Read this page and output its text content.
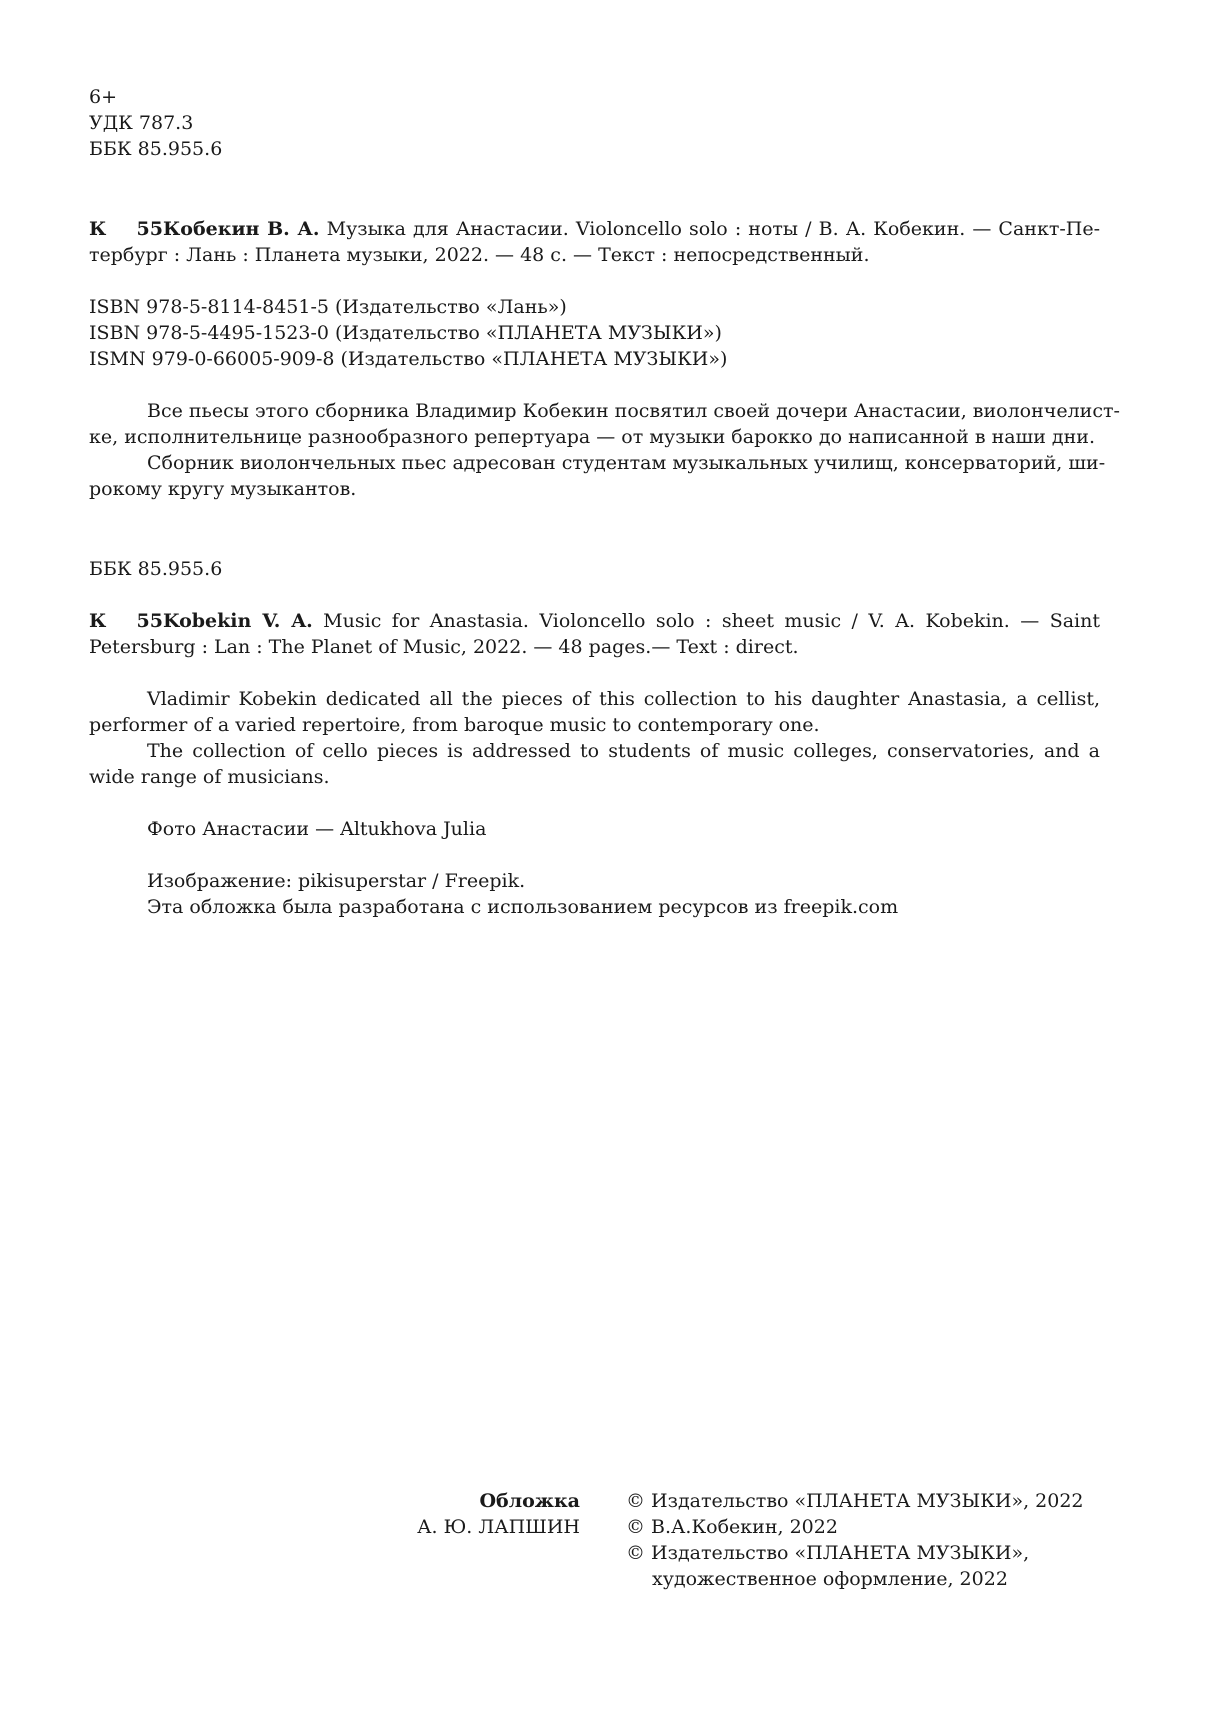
6+
УДК 787.3
ББК 85.955.6
К 55Кобекин В. А. Музыка для Анастасии. Violoncello solo : ноты / В. А. Кобекин. — Санкт-Пе-
тербург : Лань : Планета музыки, 2022. — 48 с. — Текст : непосредственный.
ISBN 978-5-8114-8451-5 (Издательство «Лань»)
ISBN 978-5-4495-1523-0 (Издательство «ПЛАНЕТА МУЗЫКИ»)
ISMN 979-0-66005-909-8 (Издательство «ПЛАНЕТА МУЗЫКИ»)
Все пьесы этого сборника Владимир Кобекин посвятил своей дочери Анастасии, виолончелист-
ке, исполнительнице разнообразного репертуара — от музыки барокко до написанной в наши дни.
Сборник виолончельных пьес адресован студентам музыкальных училищ, консерваторий, ши-
рокому кругу музыкантов.
ББК 85.955.6
К 55Kobekin V. A. Music for Anastasia. Violoncello solo : sheet music / V. A. Kobekin. — Saint
Petersburg : Lan : The Planet of Music, 2022. — 48 pages.— Text : direct.
Vladimir Kobekin dedicated all the pieces of this collection to his daughter Anastasia, a cellist,
performer of a varied repertoire, from baroque music to contemporary one.
The collection of cello pieces is addressed to students of music colleges, conservatories, and a
wide range of musicians.
Фото Анастасии — Altukhova Julia
Изображение: pikisuperstar / Freepik.
Эта обложка была разработана с использованием ресурсов из freepik.com
Обложка
А. Ю. ЛАПШИН
© Издательство «ПЛАНЕТА МУЗЫКИ», 2022
© В.А.Кобекин, 2022
© Издательство «ПЛАНЕТА МУЗЫКИ»,
художественное оформление, 2022
